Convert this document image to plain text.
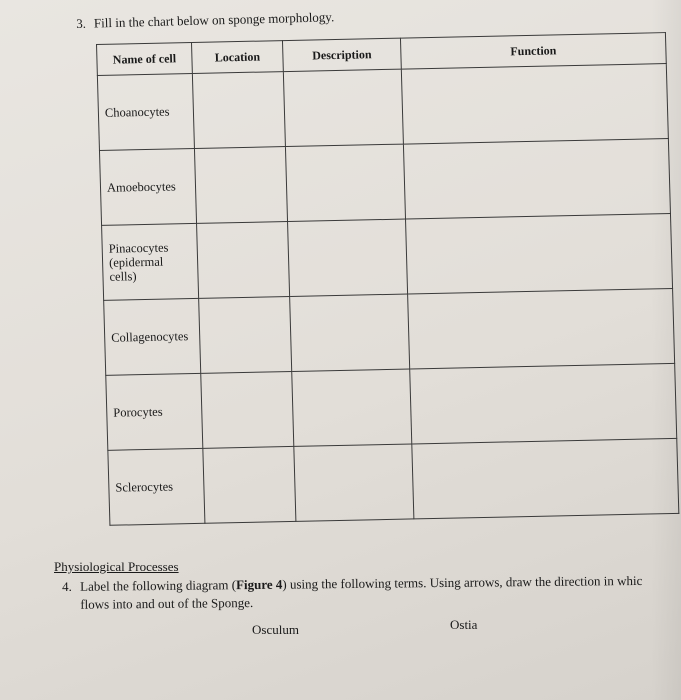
3. Fill in the chart below on sponge morphology.
Name of cell	Location	Description	Function
Choanocytes			
Amoebocytes			
Pinacocytes (epidermal cells)			
Collagenocytes			
Porocytes			
Sclerocytes			
Physiological Processes
4. Label the following diagram (Figure 4) using the following terms. Using arrows, draw the direction in whic
flows into and out of the Sponge.
Osculum	Ostia
